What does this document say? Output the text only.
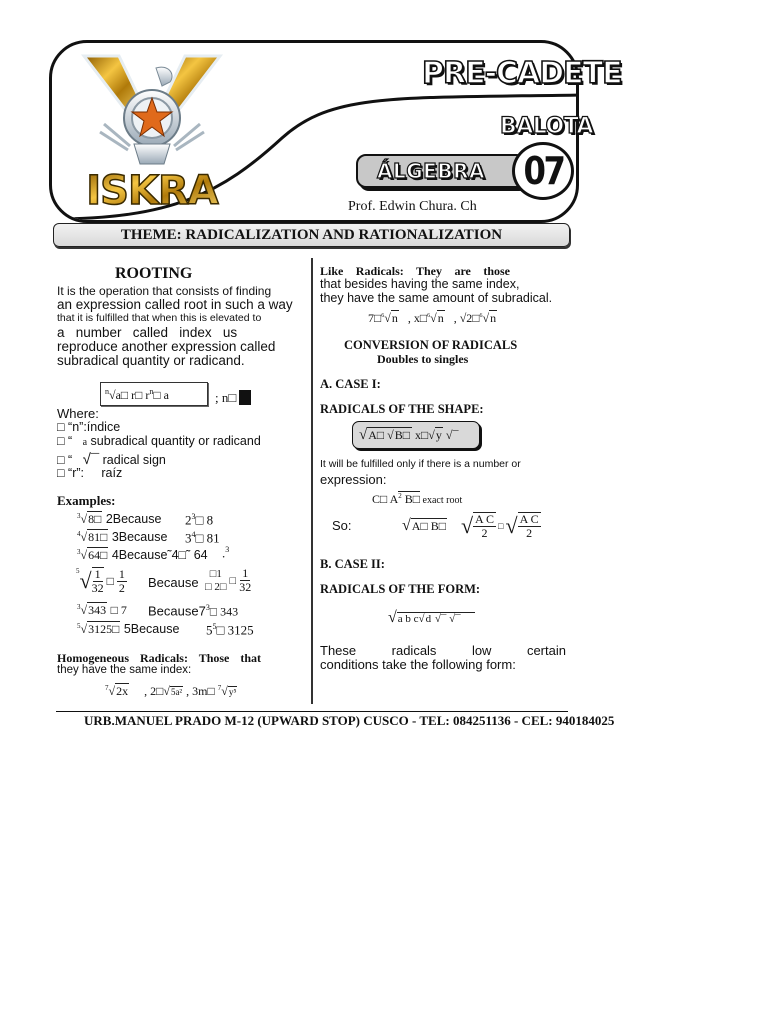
ISKRA
PRE-CADETE
BALOTA
ÁLGEBRA 07
Prof. Edwin Chura. Ch
THEME: RADICALIZATION AND RATIONALIZATION
ROOTING
It is the operation that consists of finding
an expression called root in such a way
that it is fulfilled that when this is elevated to
a   number   called   index   us
reproduce another expression called
subradical quantity or radicand.
$^n$√a□ r□ $r^n□$ a	; n□
Where:
□ “n”:índice
□ “ a subradical quantity or radicand
□ “ √¯ radical sign
□ “r”:     raíz
Examples:
$^3$√8□ 2Because $2^3□$ 8
$^4$√81□ 3Because $3^4□$ 81
$^3$√64□ 4Because˜4□˜ 64 .$^3$
5 √ $\frac{1}{32}$ □ $\frac{1}{2}$ Because
□1
□ 2□ □ $\frac{1}{32}$
$^3$√343 □ 7 $Because7^3□$ 343
$^5$√3125□ 5Because $5^5□$ 3125
Homogeneous Radicals: Those that
they have the same index:
$^7$√2x , 2□√5a² , 3m□ $^7$√y⁵
Like Radicals: They are those
that besides having the same index,
they have the same amount of subradical.
7□$^6$√n , x□$^6$√n , √2□$^6$√n
CONVERSION OF RADICALS
Doubles to singles
A. CASE I:
RADICALS OF THE SHAPE:
√A□ √B□ x□√y √¯
It will be fulfilled only if there is a number or
expression:
C□ $A^2$ B□ exact root
So:	√ A□ B□ √ $\frac{\text{A C}}{2}$ □ √ $\frac{\text{A C}}{2}$
B. CASE II:
RADICALS OF THE FORM:
√a b c√d √¯ √¯
These	radicals	low	certain
conditions take the following form:
URB.MANUEL PRADO M-12 (UPWARD STOP) CUSCO - TEL: 084251136 - CEL: 940184025
